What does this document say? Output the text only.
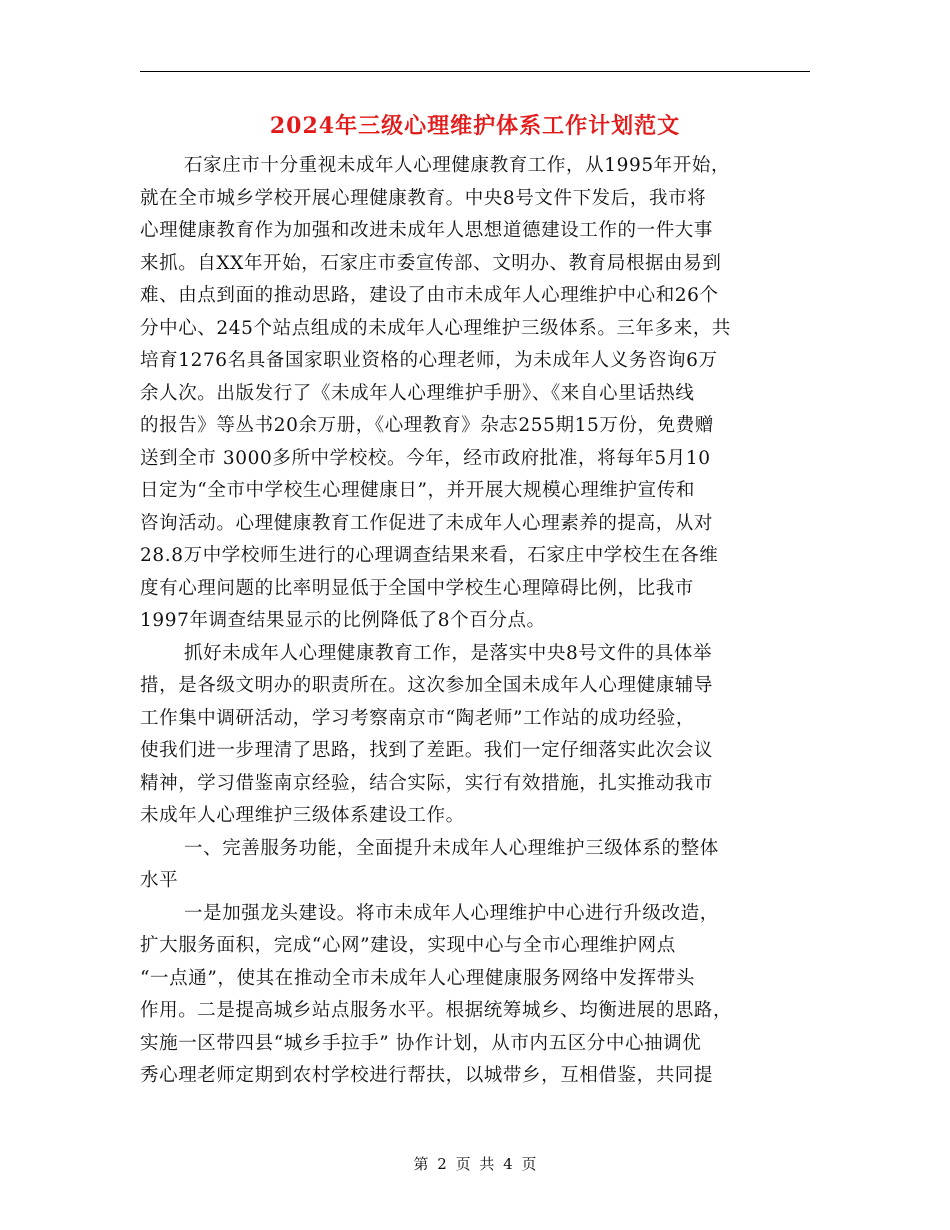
2024年三级心理维护体系工作计划范文
石家庄市十分重视未成年人心理健康教育工作，从1995年开始，
就在全市城乡学校开展心理健康教育。中央8号文件下发后，我市将
心理健康教育作为加强和改进未成年人思想道德建设工作的一件大事
来抓。自XX年开始，石家庄市委宣传部、文明办、教育局根据由易到
难、由点到面的推动思路，建设了由市未成年人心理维护中心和26个
分中心、245个站点组成的未成年人心理维护三级体系。三年多来，共
培育1276名具备国家职业资格的心理老师，为未成年人义务咨询6万
余人次。出版发行了《未成年人心理维护手册》、《来自心里话热线
的报告》等丛书20余万册，《心理教育》杂志255期15万份，免费赠
送到全市 3000多所中学校校。今年，经市政府批准，将每年5月10
日定为“全市中学校生心理健康日”，并开展大规模心理维护宣传和
咨询活动。心理健康教育工作促进了未成年人心理素养的提高，从对
28.8万中学校师生进行的心理调查结果来看，石家庄中学校生在各维
度有心理问题的比率明显低于全国中学校生心理障碍比例，比我市
1997年调查结果显示的比例降低了8个百分点。
抓好未成年人心理健康教育工作，是落实中央8号文件的具体举
措，是各级文明办的职责所在。这次参加全国未成年人心理健康辅导
工作集中调研活动，学习考察南京市“陶老师”工作站的成功经验，
使我们进一步理清了思路，找到了差距。我们一定仔细落实此次会议
精神，学习借鉴南京经验，结合实际，实行有效措施，扎实推动我市
未成年人心理维护三级体系建设工作。
一、完善服务功能，全面提升未成年人心理维护三级体系的整体
水平
一是加强龙头建设。将市未成年人心理维护中心进行升级改造，
扩大服务面积，完成“心网”建设，实现中心与全市心理维护网点
“一点通”，使其在推动全市未成年人心理健康服务网络中发挥带头
作用。二是提高城乡站点服务水平。根据统筹城乡、均衡进展的思路，
实施一区带四县“城乡手拉手” 协作计划，从市内五区分中心抽调优
秀心理老师定期到农村学校进行帮扶，以城带乡，互相借鉴，共同提
第 2 页 共 4 页
